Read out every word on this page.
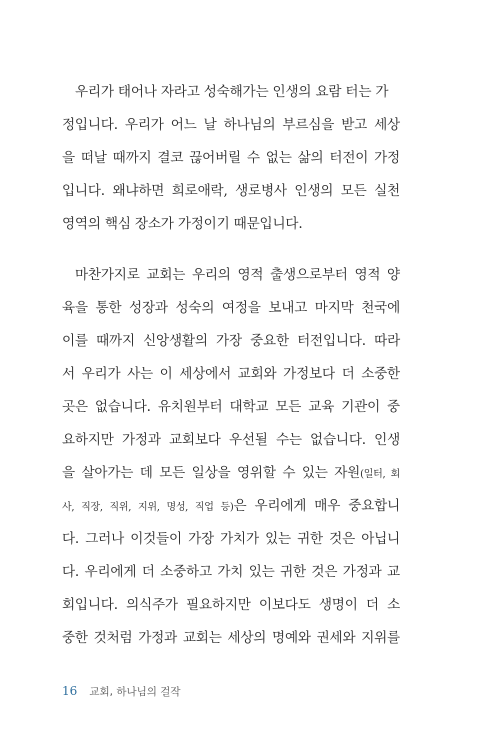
우리가 태어나 자라고 성숙해가는 인생의 요람 터는 가
정입니다. 우리가 어느 날 하나님의 부르심을 받고 세상
을 떠날 때까지 결코 끊어버릴 수 없는 삶의 터전이 가정
입니다. 왜냐하면 희로애락, 생로병사 인생의 모든 실천
영역의 핵심 장소가 가정이기 때문입니다.
마찬가지로 교회는 우리의 영적 출생으로부터 영적 양
육을 통한 성장과 성숙의 여정을 보내고 마지막 천국에
이를 때까지 신앙생활의 가장 중요한 터전입니다. 따라
서 우리가 사는 이 세상에서 교회와 가정보다 더 소중한
곳은 없습니다. 유치원부터 대학교 모든 교육 기관이 중
요하지만 가정과 교회보다 우선될 수는 없습니다. 인생
을 살아가는 데 모든 일상을 영위할 수 있는 자원(일터, 회
사, 직장, 직위, 지위, 명성, 직업 등)은 우리에게 매우 중요합니
다. 그러나 이것들이 가장 가치가 있는 귀한 것은 아닙니
다. 우리에게 더 소중하고 가치 있는 귀한 것은 가정과 교
회입니다. 의식주가 필요하지만 이보다도 생명이 더 소
중한 것처럼 가정과 교회는 세상의 명예와 권세와 지위를
16 교회, 하나님의 걸작
